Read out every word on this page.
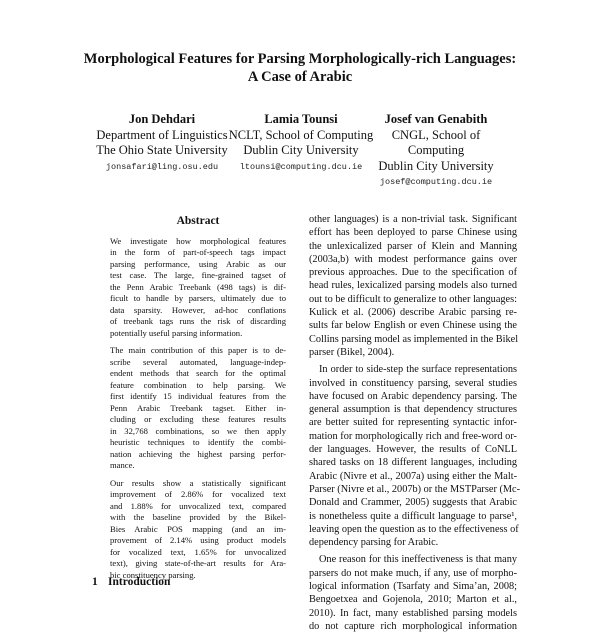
Morphological Features for Parsing Morphologically-rich Languages:
A Case of Arabic
Jon Dehdari
Department of Linguistics
The Ohio State University
jonsafari@ling.osu.edu
Lamia Tounsi
NCLT, School of Computing
Dublin City University
ltounsi@computing.dcu.ie
Josef van Genabith
CNGL, School of Computing
Dublin City University
josef@computing.dcu.ie
Abstract

We investigate how morphological features
in the form of part-of-speech tags impact
parsing performance, using Arabic as our
test case. The large, fine-grained tagset of
the Penn Arabic Treebank (498 tags) is dif-
ficult to handle by parsers, ultimately due to
data sparsity. However, ad-hoc conflations
of treebank tags runs the risk of discarding
potentially useful parsing information.

The main contribution of this paper is to de-
scribe several automated, language-indep-
endent methods that search for the optimal
feature combination to help parsing. We
first identify 15 individual features from the
Penn Arabic Treebank tagset. Either in-
cluding or excluding these features results
in 32,768 combinations, so we then apply
heuristic techniques to identify the combi-
nation achieving the highest parsing perfor-
mance.

Our results show a statistically significant
improvement of 2.86% for vocalized text
and 1.88% for unvocalized text, compared
with the baseline provided by the Bikel-
Bies Arabic POS mapping (and an im-
provement of 2.14% using product models
for vocalized text, 1.65% for unvocalized
text), giving state-of-the-art results for Ara-
bic constituency parsing.

1 Introduction

other languages) is a non-trivial task. Significant
effort has been deployed to parse Chinese using
the unlexicalized parser of Klein and Manning
(2003a,b) with modest performance gains over
previous approaches. Due to the specification of
head rules, lexicalized parsing models also turned
out to be difficult to generalize to other languages:
Kulick et al. (2006) describe Arabic parsing re-
sults far below English or even Chinese using the
Collins parsing model as implemented in the Bikel
parser (Bikel, 2004).

In order to side-step the surface representations
involved in constituency parsing, several studies
have focused on Arabic dependency parsing. The
general assumption is that dependency structures
are better suited for representing syntactic infor-
mation for morphologically rich and free-word or-
der languages. However, the results of CoNLL
shared tasks on 18 different languages, including
Arabic (Nivre et al., 2007a) using either the Malt-
Parser (Nivre et al., 2007b) or the MSTParser (Mc-
Donald and Crammer, 2005) suggests that Arabic
is nonetheless quite a difficult language to parse¹,
leaving open the question as to the effectiveness of
dependency parsing for Arabic.

One reason for this ineffectiveness is that many
parsers do not make much, if any, use of morpho-
logical information (Tsarfaty and Sima’an, 2008;
Bengoetxea and Gojenola, 2010; Marton et al.,
2010). In fact, many established parsing models
do not capture rich morphological information
